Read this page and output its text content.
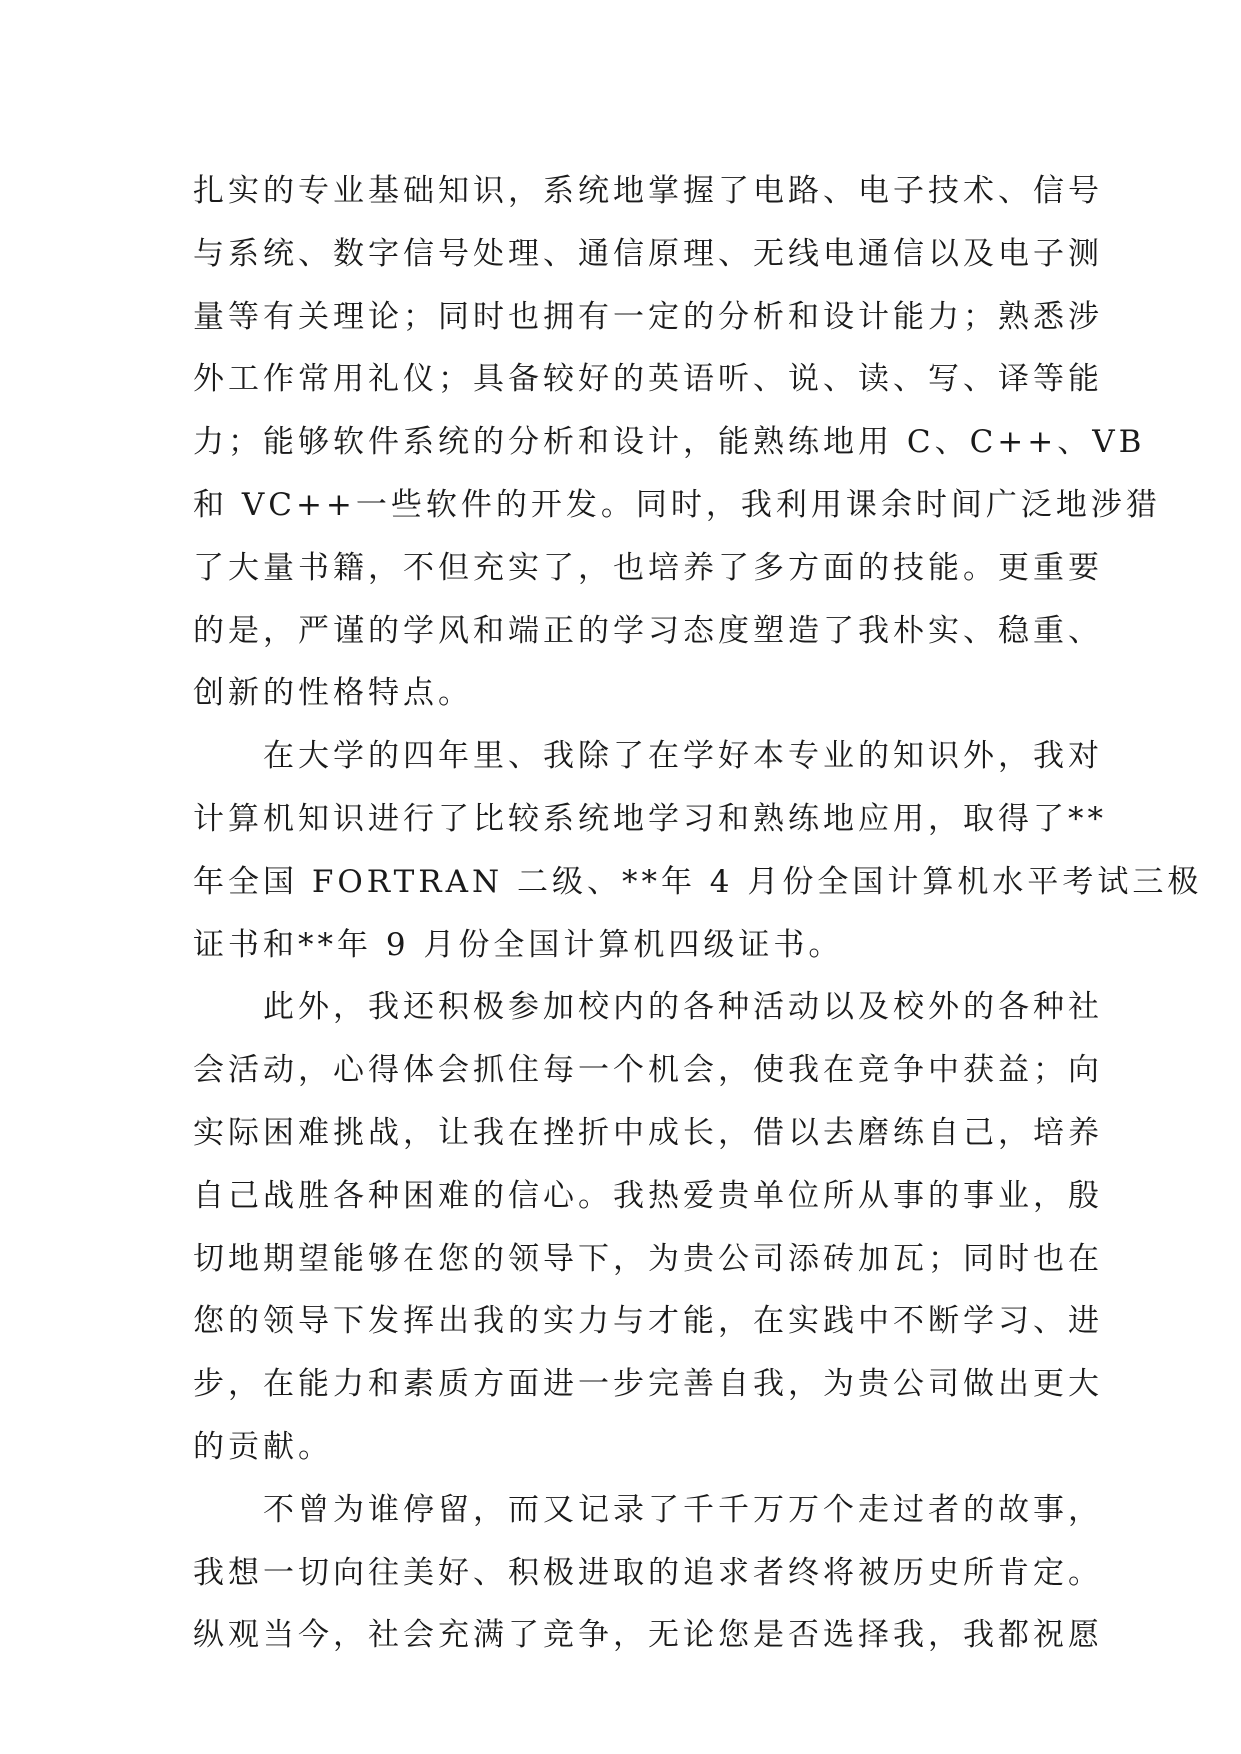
扎实的专业基础知识，系统地掌握了电路、电子技术、信号
与系统、数字信号处理、通信原理、无线电通信以及电子测
量等有关理论；同时也拥有一定的分析和设计能力；熟悉涉
外工作常用礼仪；具备较好的英语听、说、读、写、译等能
力；能够软件系统的分析和设计，能熟练地用 C、C++、VB
和 VC++一些软件的开发。同时，我利用课余时间广泛地涉猎
了大量书籍，不但充实了，也培养了多方面的技能。更重要
的是，严谨的学风和端正的学习态度塑造了我朴实、稳重、
创新的性格特点。
在大学的四年里、我除了在学好本专业的知识外，我对
计算机知识进行了比较系统地学习和熟练地应用，取得了**
年全国 FORTRAN 二级、**年 4 月份全国计算机水平考试三极
证书和**年 9 月份全国计算机四级证书。
此外，我还积极参加校内的各种活动以及校外的各种社
会活动，心得体会抓住每一个机会，使我在竞争中获益；向
实际困难挑战，让我在挫折中成长，借以去磨练自己，培养
自己战胜各种困难的信心。我热爱贵单位所从事的事业，殷
切地期望能够在您的领导下，为贵公司添砖加瓦；同时也在
您的领导下发挥出我的实力与才能，在实践中不断学习、进
步，在能力和素质方面进一步完善自我，为贵公司做出更大
的贡献。
不曾为谁停留，而又记录了千千万万个走过者的故事，
我想一切向往美好、积极进取的追求者终将被历史所肯定。
纵观当今，社会充满了竞争，无论您是否选择我，我都祝愿
